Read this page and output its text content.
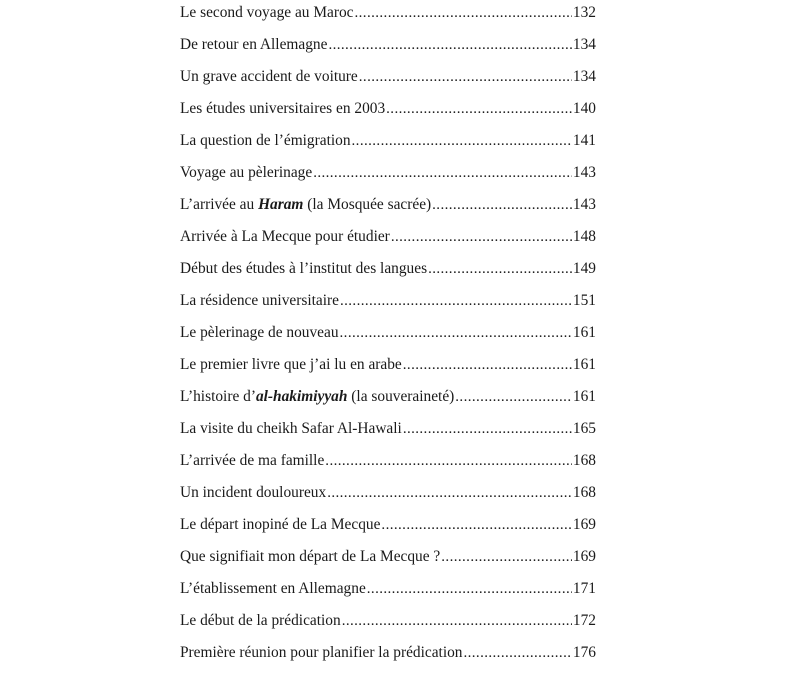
Le second voyage au Maroc .....	132
De retour en Allemagne .....	134
Un grave accident de voiture .....	134
Les études universitaires en 2003 .....	140
La question de l’émigration .....	141
Voyage au pèlerinage .....	143
L’arrivée au Haram (la Mosquée sacrée) .....	143
Arrivée à La Mecque pour étudier .....	148
Début des études à l’institut des langues .....	149
La résidence universitaire .....	151
Le pèlerinage de nouveau .....	161
Le premier livre que j’ai lu en arabe .....	161
L’histoire d’al-hakimiyyah (la souveraineté) .....	161
La visite du cheikh Safar Al-Hawali .....	165
L’arrivée de ma famille .....	168
Un incident douloureux .....	168
Le départ inopiné de La Mecque .....	169
Que signifiait mon départ de La Mecque ? .....	169
L’établissement en Allemagne .....	171
Le début de la prédication .....	172
Première réunion pour planifier la prédication .....	176
